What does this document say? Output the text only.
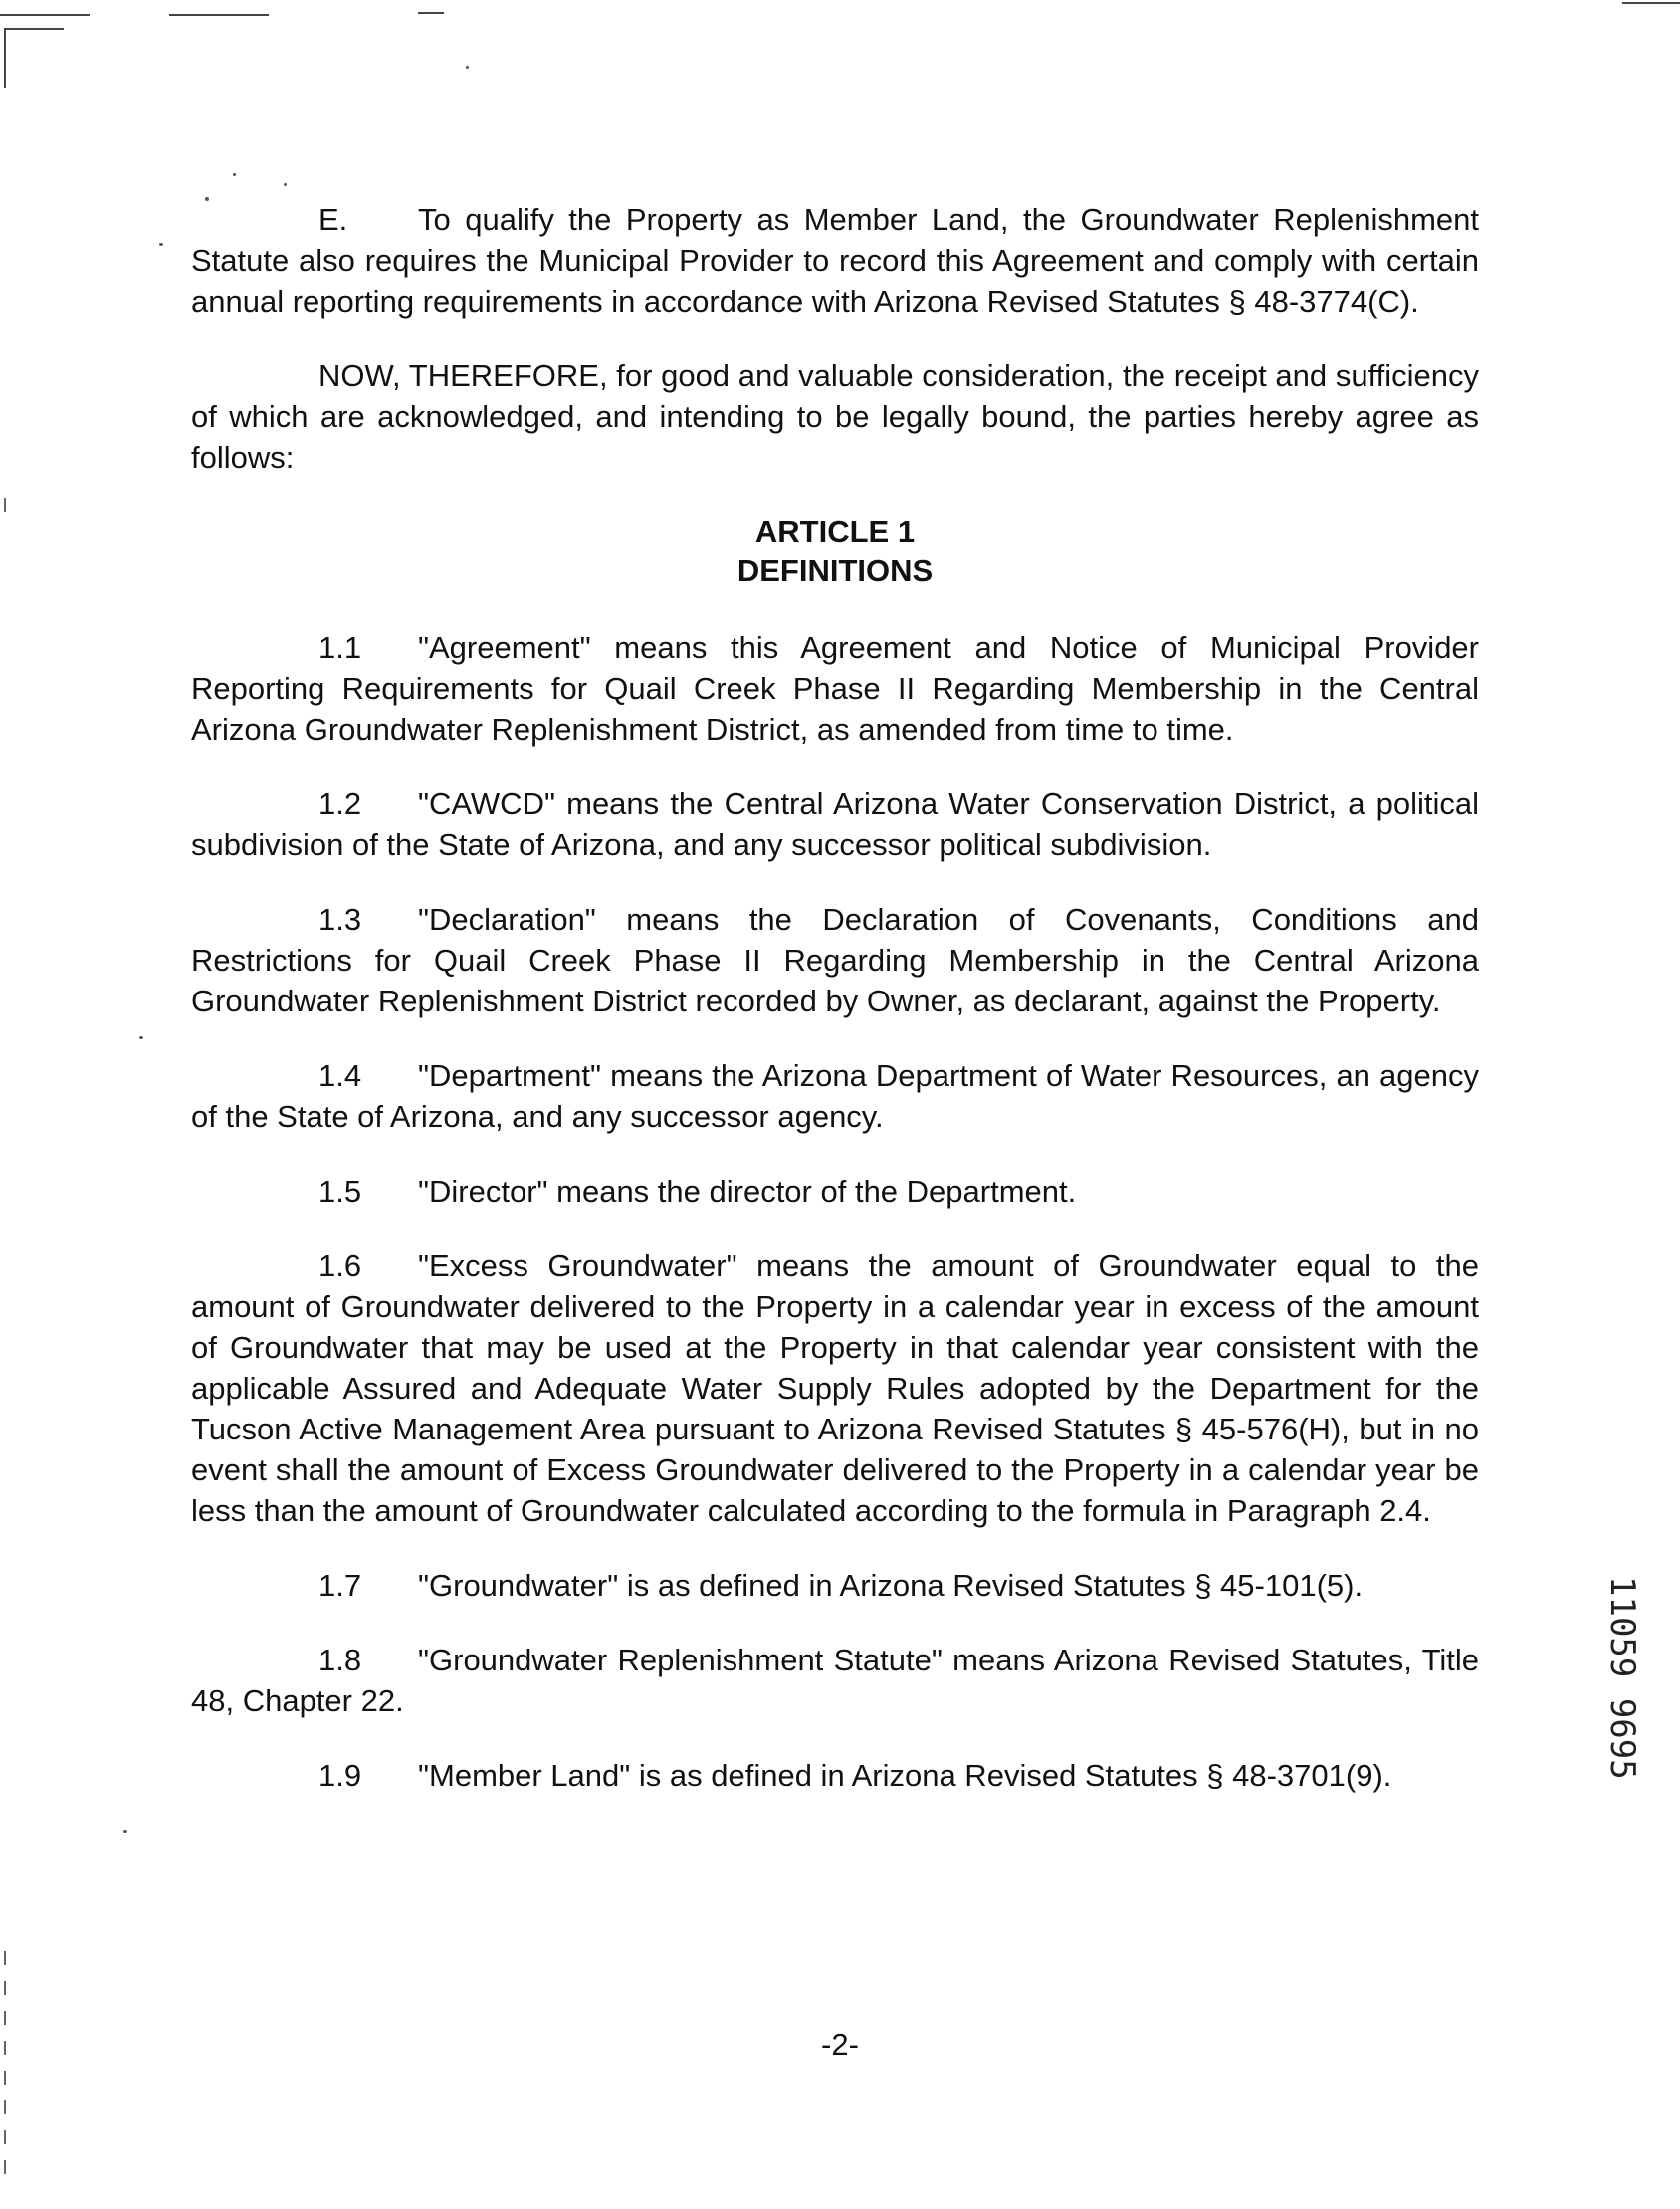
E. To qualify the Property as Member Land, the Groundwater Replenishment Statute also requires the Municipal Provider to record this Agreement and comply with certain annual reporting requirements in accordance with Arizona Revised Statutes § 48-3774(C).

NOW, THEREFORE, for good and valuable consideration, the receipt and sufficiency of which are acknowledged, and intending to be legally bound, the parties hereby agree as follows:

ARTICLE 1
DEFINITIONS

1.1 "Agreement" means this Agreement and Notice of Municipal Provider Reporting Requirements for Quail Creek Phase II Regarding Membership in the Central Arizona Groundwater Replenishment District, as amended from time to time.

1.2 "CAWCD" means the Central Arizona Water Conservation District, a political subdivision of the State of Arizona, and any successor political subdivision.

1.3 "Declaration" means the Declaration of Covenants, Conditions and Restrictions for Quail Creek Phase II Regarding Membership in the Central Arizona Groundwater Replenishment District recorded by Owner, as declarant, against the Property.

1.4 "Department" means the Arizona Department of Water Resources, an agency of the State of Arizona, and any successor agency.

1.5 "Director" means the director of the Department.

1.6 "Excess Groundwater" means the amount of Groundwater equal to the amount of Groundwater delivered to the Property in a calendar year in excess of the amount of Groundwater that may be used at the Property in that calendar year consistent with the applicable Assured and Adequate Water Supply Rules adopted by the Department for the Tucson Active Management Area pursuant to Arizona Revised Statutes § 45-576(H), but in no event shall the amount of Excess Groundwater delivered to the Property in a calendar year be less than the amount of Groundwater calculated according to the formula in Paragraph 2.4.

1.7 "Groundwater" is as defined in Arizona Revised Statutes § 45-101(5).

1.8 "Groundwater Replenishment Statute" means Arizona Revised Statutes, Title 48, Chapter 22.

1.9 "Member Land" is as defined in Arizona Revised Statutes § 48-3701(9).	11059 9695
-2-
